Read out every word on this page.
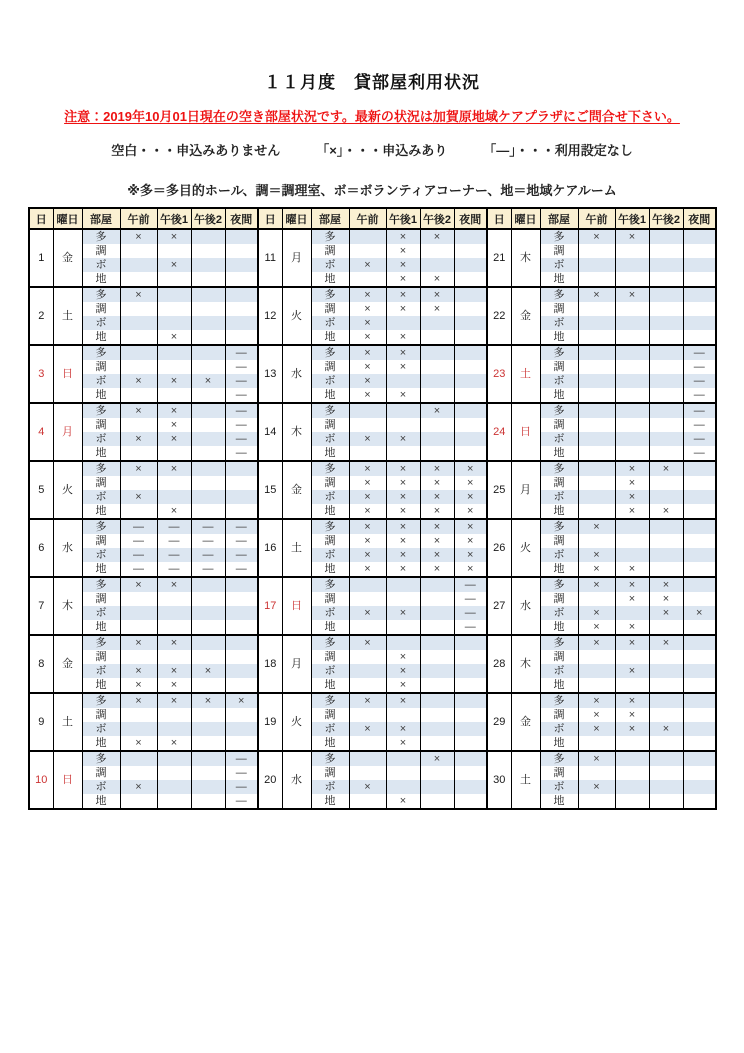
１１月度　貸部屋利用状況
注意：2019年10月01日現在の空き部屋状況です。最新の状況は加賀原地域ケアプラザにご問合せ下さい。
空白・・・申込みありません	「×」・・・申込みあり	「―」・・・利用設定なし
※多＝多目的ホール、調＝調理室、ボ＝ボランティアコーナー、地＝地域ケアルーム
日	曜日	部屋	午前	午後1	午後2	夜間	日	曜日	部屋	午前	午後1	午後2	夜間	日	曜日	部屋	午前	午後1	午後2	夜間
1	金	多	×	×			11	月	多		×	×		21	木	多	×	×		
		調							調		×					調				
		ボ		×					ボ	×	×					ボ				
		地							地		×	×				地				
2	土	多	×				12	火	多	×	×	×		22	金	多	×	×		
		調							調	×	×	×				調				
		ボ							ボ	×						ボ				
		地		×					地	×	×					地				
3	日	多				―	13	水	多	×	×			23	土	多				―
		調				―			調	×	×					調				―
		ボ	×	×	×	―			ボ	×						ボ				―
		地				―			地	×	×					地				―
4	月	多	×	×		―	14	木	多			×		24	日	多				―
		調		×		―			調							調				―
		ボ	×	×		―			ボ	×	×					ボ				―
		地				―			地							地				―
5	火	多	×	×			15	金	多	×	×	×	×	25	月	多		×	×	
		調							調	×	×	×	×			調		×		
		ボ	×						ボ	×	×	×	×			ボ		×		
		地		×					地	×	×	×	×			地		×	×	
6	水	多	―	―	―	―	16	土	多	×	×	×	×	26	火	多	×			
		調	―	―	―	―			調	×	×	×	×			調				
		ボ	―	―	―	―			ボ	×	×	×	×			ボ	×			
		地	―	―	―	―			地	×	×	×	×			地	×	×		
7	木	多	×	×			17	日	多				―	27	水	多	×	×	×	
		調							調				―			調		×	×	
		ボ							ボ	×	×		―			ボ	×		×	×
		地							地				―			地	×	×		
8	金	多	×	×			18	月	多	×				28	木	多	×	×	×	
		調							調		×					調				
		ボ	×	×	×				ボ		×					ボ		×		
		地	×	×					地		×					地				
9	土	多	×	×	×	×	19	火	多	×	×			29	金	多	×	×		
		調							調							調	×	×		
		ボ							ボ	×	×					ボ	×	×	×	
		地	×	×					地		×					地				
10	日	多				―	20	水	多			×		30	土	多	×			
		調				―			調							調				
		ボ	×			―			ボ	×						ボ	×			
		地				―			地		×					地				
